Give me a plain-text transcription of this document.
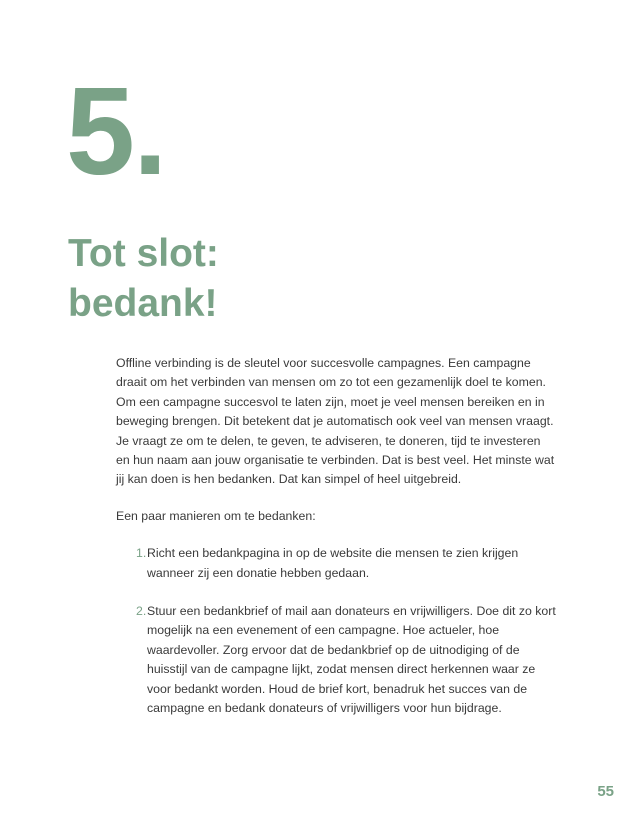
5.
Tot slot:
bedank!

Offline verbinding is de sleutel voor succesvolle campagnes. Een campagne draait om het verbinden van mensen om zo tot een gezamenlijk doel te komen. Om een campagne succesvol te laten zijn, moet je veel mensen bereiken en in beweging brengen. Dit betekent dat je automatisch ook veel van mensen vraagt. Je vraagt ze om te delen, te geven, te adviseren, te doneren, tijd te investeren en hun naam aan jouw organisatie te verbinden. Dat is best veel. Het minste wat jij kan doen is hen bedanken. Dat kan simpel of heel uitgebreid.

Een paar manieren om te bedanken:

1. Richt een bedankpagina in op de website die mensen te zien krijgen wanneer zij een donatie hebben gedaan.
2. Stuur een bedankbrief of mail aan donateurs en vrijwilligers. Doe dit zo kort mogelijk na een evenement of een campagne. Hoe actueler, hoe waardevoller. Zorg ervoor dat de bedankbrief op de uitnodiging of de huisstijl van de campagne lijkt, zodat mensen direct herkennen waar ze voor bedankt worden. Houd de brief kort, benadruk het succes van de campagne en bedank donateurs of vrijwilligers voor hun bijdrage.
55
